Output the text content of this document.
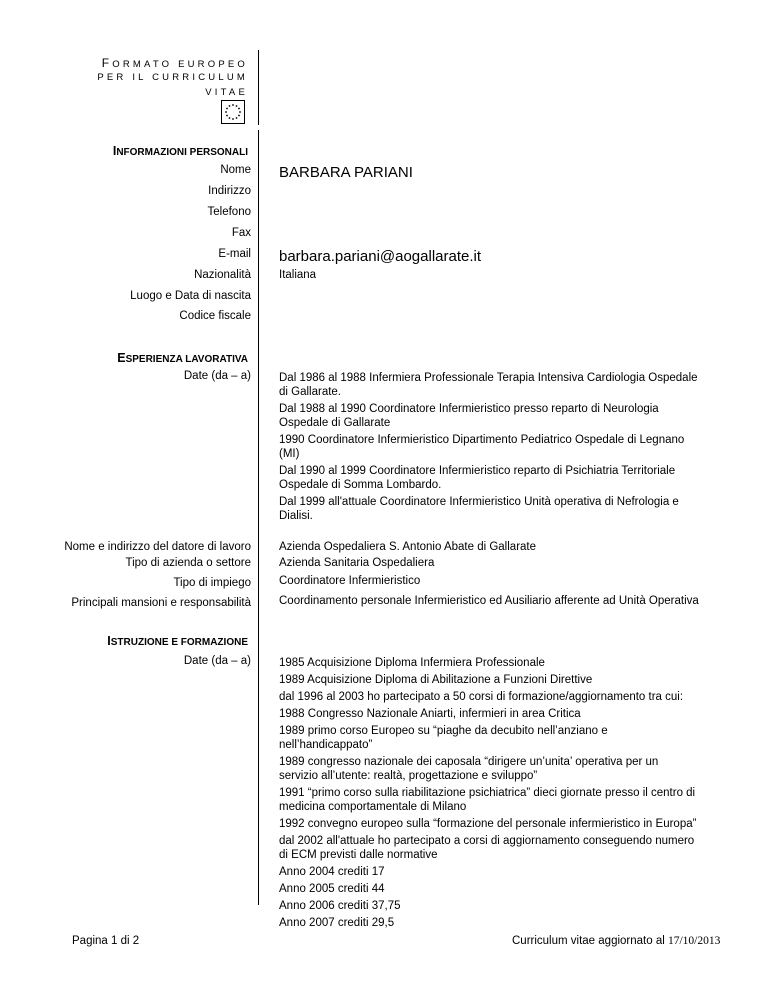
FORMATO EUROPEO
PER IL CURRICULUM
VITAE
INFORMAZIONI PERSONALI
Nome BARBARA PARIANI
Indirizzo
Telefono
Fax
E-mail barbara.pariani@aogallarate.it
Nazionalità Italiana
Luogo e Data di nascita
Codice fiscale
ESPERIENZA LAVORATIVA
Date (da – a) Dal 1986 al 1988 Infermiera Professionale Terapia Intensiva Cardiologia Ospedale di Gallarate.

Dal 1988 al 1990 Coordinatore Infermieristico presso reparto di Neurologia Ospedale di Gallarate

1990 Coordinatore Infermieristico Dipartimento Pediatrico Ospedale di Legnano (MI)

Dal 1990 al 1999 Coordinatore Infermieristico reparto di Psichiatria Territoriale Ospedale di Somma Lombardo.

Dal 1999 all'attuale Coordinatore Infermieristico Unità operativa di Nefrologia e Dialisi.

Nome e indirizzo del datore di lavoro Azienda Ospedaliera S. Antonio Abate di Gallarate
Tipo di azienda o settore Azienda Sanitaria Ospedaliera
Tipo di impiego Coordinatore Infermieristico
Principali mansioni e responsabilità Coordinamento personale Infermieristico ed Ausiliario afferente ad Unità Operativa
ISTRUZIONE E FORMAZIONE
Date (da – a) 1985 Acquisizione Diploma Infermiera Professionale

1989 Acquisizione Diploma di Abilitazione a Funzioni Direttive

dal 1996 al 2003 ho partecipato a 50 corsi di formazione/aggiornamento tra cui:

1988 Congresso Nazionale Aniarti, infermieri in area Critica

1989 primo corso Europeo su “piaghe da decubito nell’anziano e nell’handicappato”

1989 congresso nazionale dei caposala “dirigere un’unita’ operativa per un servizio all’utente: realtà, progettazione e sviluppo”

1991 “primo corso sulla riabilitazione psichiatrica” dieci giornate presso il centro di medicina comportamentale di Milano

1992 convegno europeo sulla “formazione del personale infermieristico in Europa”

dal 2002 all'attuale ho partecipato a corsi di aggiornamento conseguendo numero di ECM previsti dalle normative

Anno 2004 crediti 17

Anno 2005 crediti 44

Anno 2006 crediti 37,75

Anno 2007 crediti 29,5

Pagina 1 di 2	Curriculum vitae aggiornato al 17/10/2013
